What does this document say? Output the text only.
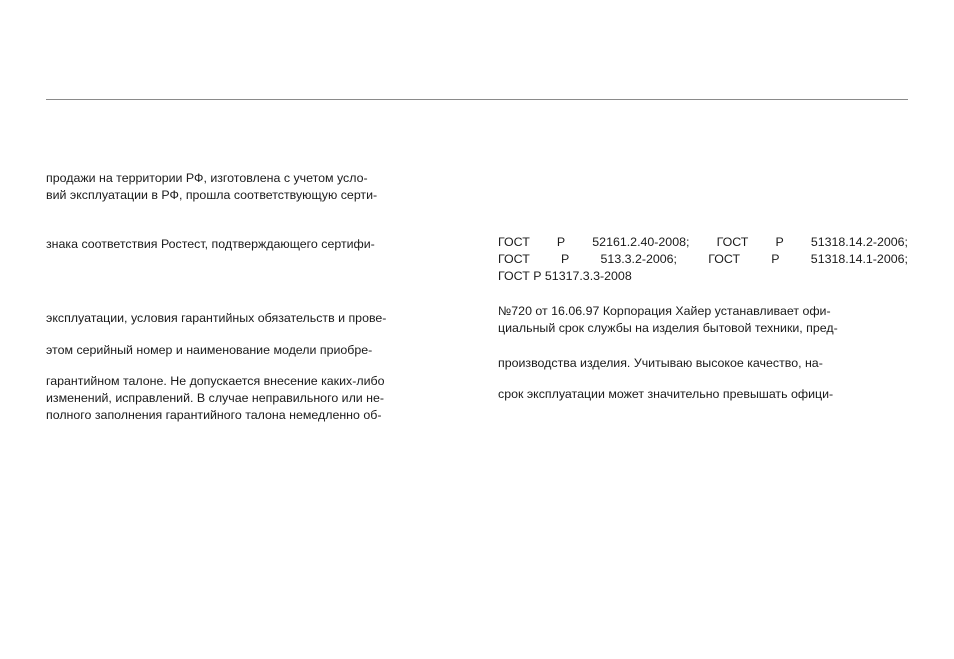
продажи на территории РФ, изготовлена с учетом усло-
вий эксплуатации в РФ, прошла соответствующую серти-
знака соответствия Ростест, подтверждающего сертифи-
эксплуатации, условия гарантийных обязательств и прове-
этом серийный номер и наименование модели приобре-
гарантийном талоне. Не допускается внесение каких-либо
изменений, исправлений. В случае неправильного или не-
полного заполнения гарантийного талона немедленно об-
ГОСТ Р 52161.2.40-2008; ГОСТ Р 51318.14.2-2006;
ГОСТ	Р	513.3.2-2006;	ГОСТ	Р	51318.14.1-2006;
ГОСТ Р 51317.3.3-2008
№720 от 16.06.97 Корпорация Хайер устанавливает офи-
циальный срок службы на изделия бытовой техники, пред-
производства изделия. Учитываю высокое качество, на-
срок эксплуатации может значительно превышать офици-
